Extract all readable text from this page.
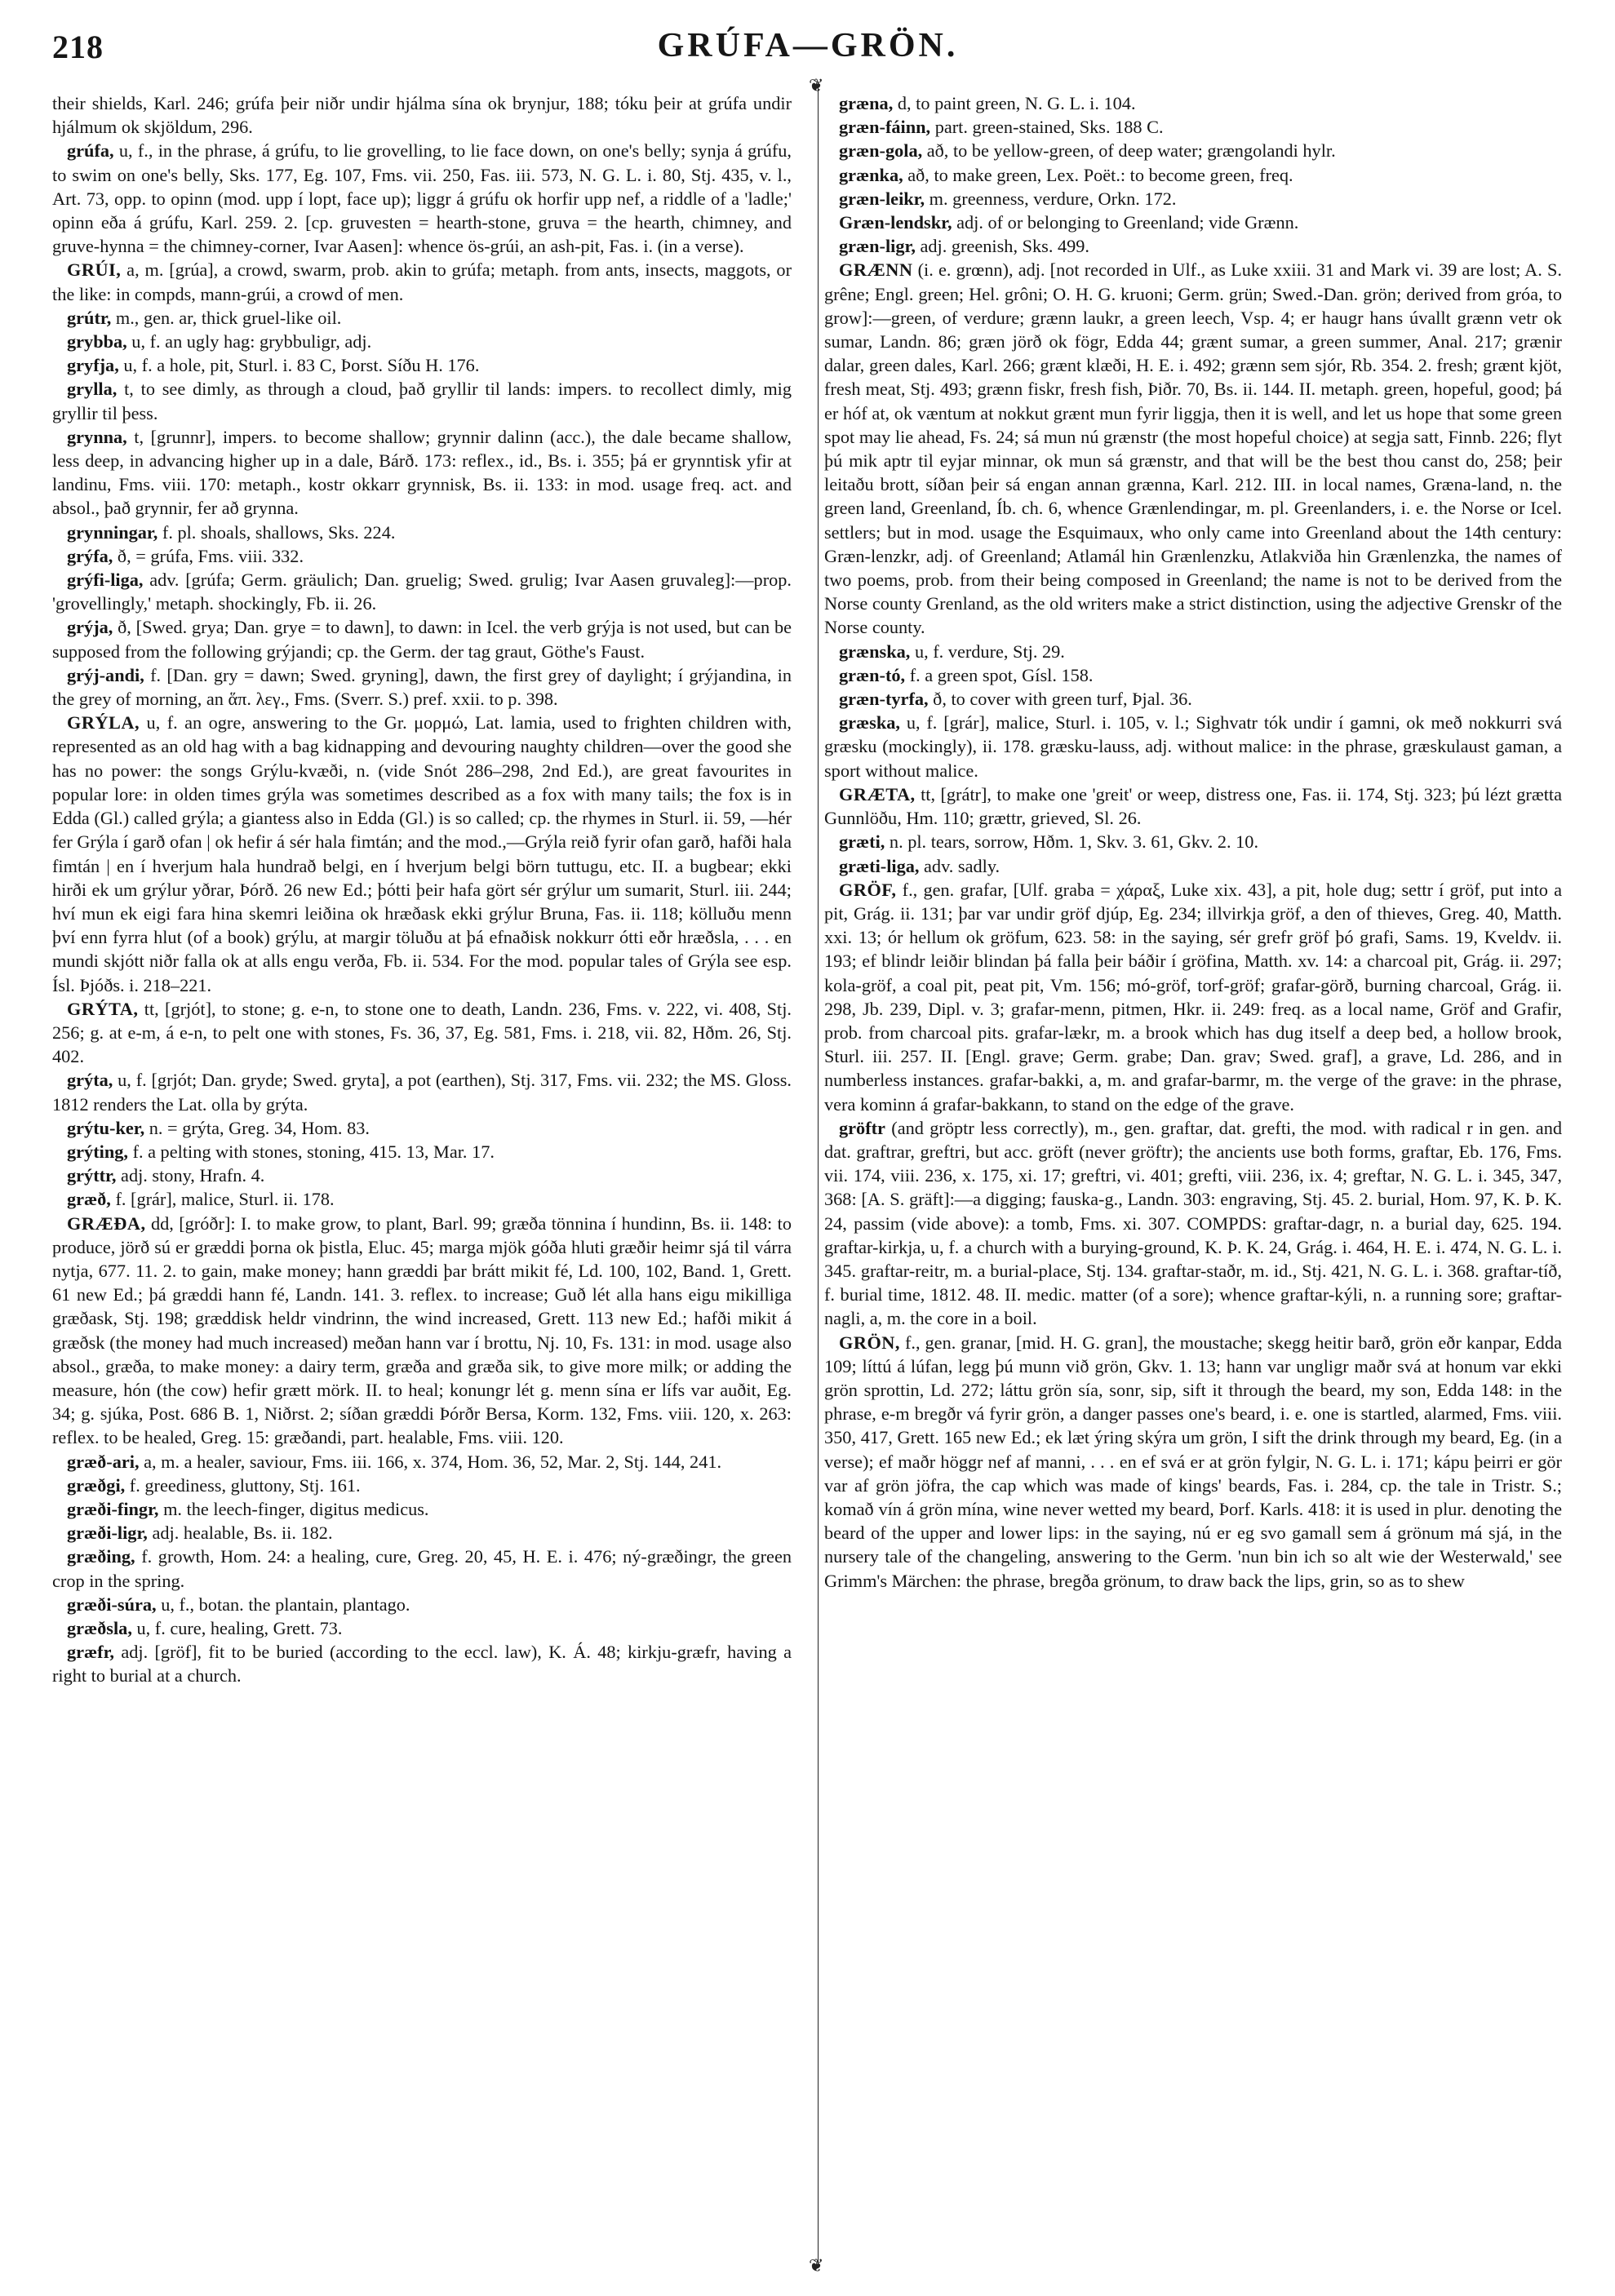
218	GRÚFA—GRÖN.
❦
❦

their shields, Karl. 246; grúfa þeir niðr undir hjálma sína ok brynjur, 188; tóku þeir at grúfa undir hjálmum ok skjöldum, 296.

grúfa, u, f., in the phrase, á grúfu, to lie grovelling, to lie face down, on one's belly; synja á grúfu, to swim on one's belly, Sks. 177, Eg. 107, Fms. vii. 250, Fas. iii. 573, N. G. L. i. 80, Stj. 435, v. l., Art. 73, opp. to opinn (mod. upp í lopt, face up); liggr á grúfu ok horfir upp nef, a riddle of a 'ladle;' opinn eða á grúfu, Karl. 259. 2. [cp. gruvesten = hearth-stone, gruva = the hearth, chimney, and gruve-hynna = the chimney-corner, Ivar Aasen]: whence ös-grúi, an ash-pit, Fas. i. (in a verse).

GRÚI, a, m. [grúa], a crowd, swarm, prob. akin to grúfa; metaph. from ants, insects, maggots, or the like: in compds, mann-grúi, a crowd of men.

grútr, m., gen. ar, thick gruel-like oil.

grybba, u, f. an ugly hag: grybbuligr, adj.

gryfja, u, f. a hole, pit, Sturl. i. 83 C, Þorst. Síðu H. 176.

grylla, t, to see dimly, as through a cloud, það gryllir til lands: impers. to recollect dimly, mig gryllir til þess.

grynna, t, [grunnr], impers. to become shallow; grynnir dalinn (acc.), the dale became shallow, less deep, in advancing higher up in a dale, Bárð. 173: reflex., id., Bs. i. 355; þá er grynntisk yfir at landinu, Fms. viii. 170: metaph., kostr okkarr grynnisk, Bs. ii. 133: in mod. usage freq. act. and absol., það grynnir, fer að grynna.

grynningar, f. pl. shoals, shallows, Sks. 224.

grýfa, ð, = grúfa, Fms. viii. 332.

grýfi-liga, adv. [grúfa; Germ. gräulich; Dan. gruelig; Swed. grulig; Ivar Aasen gruvaleg]:—prop. 'grovellingly,' metaph. shockingly, Fb. ii. 26.

grýja, ð, [Swed. grya; Dan. grye = to dawn], to dawn: in Icel. the verb grýja is not used, but can be supposed from the following grýjandi; cp. the Germ. der tag graut, Göthe's Faust.

grýj-andi, f. [Dan. gry = dawn; Swed. gryning], dawn, the first grey of daylight; í grýjandina, in the grey of morning, an ἅπ. λεγ., Fms. (Sverr. S.) pref. xxii. to p. 398.

GRÝLA, u, f. an ogre, answering to the Gr. μορμώ, Lat. lamia, used to frighten children with, represented as an old hag with a bag kidnapping and devouring naughty children—over the good she has no power: the songs Grýlu-kvæði, n. (vide Snót 286–298, 2nd Ed.), are great favourites in popular lore: in olden times grýla was sometimes described as a fox with many tails; the fox is in Edda (Gl.) called grýla; a giantess also in Edda (Gl.) is so called; cp. the rhymes in Sturl. ii. 59, —hér fer Grýla í garð ofan | ok hefir á sér hala fimtán; and the mod.,—Grýla reið fyrir ofan garð, hafði hala fimtán | en í hverjum hala hundrað belgi, en í hverjum belgi börn tuttugu, etc. II. a bugbear; ekki hirði ek um grýlur yðrar, Þórð. 26 new Ed.; þótti þeir hafa gört sér grýlur um sumarit, Sturl. iii. 244; hví mun ek eigi fara hina skemri leiðina ok hræðask ekki grýlur Bruna, Fas. ii. 118; kölluðu menn því enn fyrra hlut (of a book) grýlu, at margir töluðu at þá efnaðisk nokkurr ótti eðr hræðsla, . . . en mundi skjótt niðr falla ok at alls engu verða, Fb. ii. 534. For the mod. popular tales of Grýla see esp. Ísl. Þjóðs. i. 218–221.

GRÝTA, tt, [grjót], to stone; g. e-n, to stone one to death, Landn. 236, Fms. v. 222, vi. 408, Stj. 256; g. at e-m, á e-n, to pelt one with stones, Fs. 36, 37, Eg. 581, Fms. i. 218, vii. 82, Hðm. 26, Stj. 402.

grýta, u, f. [grjót; Dan. gryde; Swed. gryta], a pot (earthen), Stj. 317, Fms. vii. 232; the MS. Gloss. 1812 renders the Lat. olla by grýta.

grýtu-ker, n. = grýta, Greg. 34, Hom. 83.

grýting, f. a pelting with stones, stoning, 415. 13, Mar. 17.

grýttr, adj. stony, Hrafn. 4.

græð, f. [grár], malice, Sturl. ii. 178.

GRÆÐA, dd, [gróðr]: I. to make grow, to plant, Barl. 99; græða tönnina í hundinn, Bs. ii. 148: to produce, jörð sú er græddi þorna ok þistla, Eluc. 45; marga mjök góða hluti græðir heimr sjá til várra nytja, 677. 11. 2. to gain, make money; hann græddi þar brátt mikit fé, Ld. 100, 102, Band. 1, Grett. 61 new Ed.; þá græddi hann fé, Landn. 141. 3. reflex. to increase; Guð lét alla hans eigu mikilliga græðask, Stj. 198; græddisk heldr vindrinn, the wind increased, Grett. 113 new Ed.; hafði mikit á græðsk (the money had much increased) meðan hann var í brottu, Nj. 10, Fs. 131: in mod. usage also absol., græða, to make money: a dairy term, græða and græða sik, to give more milk; or adding the measure, hón (the cow) hefir grætt mörk. II. to heal; konungr lét g. menn sína er lífs var auðit, Eg. 34; g. sjúka, Post. 686 B. 1, Niðrst. 2; síðan græddi Þórðr Bersa, Korm. 132, Fms. viii. 120, x. 263: reflex. to be healed, Greg. 15: græðandi, part. healable, Fms. viii. 120.

græð-ari, a, m. a healer, saviour, Fms. iii. 166, x. 374, Hom. 36, 52, Mar. 2, Stj. 144, 241.

græðgi, f. greediness, gluttony, Stj. 161.

græði-fingr, m. the leech-finger, digitus medicus.

græði-ligr, adj. healable, Bs. ii. 182.

græðing, f. growth, Hom. 24: a healing, cure, Greg. 20, 45, H. E. i. 476; ný-græðingr, the green crop in the spring.

græði-súra, u, f., botan. the plantain, plantago.

græðsla, u, f. cure, healing, Grett. 73.

græfr, adj. [gröf], fit to be buried (according to the eccl. law), K. Á. 48; kirkju-græfr, having a right to burial at a church.

græna, d, to paint green, N. G. L. i. 104.

græn-fáinn, part. green-stained, Sks. 188 C.

græn-gola, að, to be yellow-green, of deep water; grængolandi hylr.

grænka, að, to make green, Lex. Poët.: to become green, freq.

græn-leikr, m. greenness, verdure, Orkn. 172.

Græn-lendskr, adj. of or belonging to Greenland; vide Grænn.

græn-ligr, adj. greenish, Sks. 499.

GRÆNN (i. e. grœnn), adj. [not recorded in Ulf., as Luke xxiii. 31 and Mark vi. 39 are lost; A. S. grêne; Engl. green; Hel. grôni; O. H. G. kruoni; Germ. grün; Swed.-Dan. grön; derived from gróa, to grow]:—green, of verdure; grænn laukr, a green leech, Vsp. 4; er haugr hans úvallt grænn vetr ok sumar, Landn. 86; græn jörð ok fögr, Edda 44; grænt sumar, a green summer, Anal. 217; grænir dalar, green dales, Karl. 266; grænt klæði, H. E. i. 492; grænn sem sjór, Rb. 354. 2. fresh; grænt kjöt, fresh meat, Stj. 493; grænn fiskr, fresh fish, Þiðr. 70, Bs. ii. 144. II. metaph. green, hopeful, good; þá er hóf at, ok væntum at nokkut grænt mun fyrir liggja, then it is well, and let us hope that some green spot may lie ahead, Fs. 24; sá mun nú grænstr (the most hopeful choice) at segja satt, Finnb. 226; flyt þú mik aptr til eyjar minnar, ok mun sá grænstr, and that will be the best thou canst do, 258; þeir leitaðu brott, síðan þeir sá engan annan grænna, Karl. 212. III. in local names, Græna-land, n. the green land, Greenland, Íb. ch. 6, whence Grænlendingar, m. pl. Greenlanders, i. e. the Norse or Icel. settlers; but in mod. usage the Esquimaux, who only came into Greenland about the 14th century: Græn-lenzkr, adj. of Greenland; Atlamál hin Grænlenzku, Atlakviða hin Grænlenzka, the names of two poems, prob. from their being composed in Greenland; the name is not to be derived from the Norse county Grenland, as the old writers make a strict distinction, using the adjective Grenskr of the Norse county.

grænska, u, f. verdure, Stj. 29.

græn-tó, f. a green spot, Gísl. 158.

græn-tyrfa, ð, to cover with green turf, Þjal. 36.

græska, u, f. [grár], malice, Sturl. i. 105, v. l.; Sighvatr tók undir í gamni, ok með nokkurri svá græsku (mockingly), ii. 178. græsku-lauss, adj. without malice: in the phrase, græskulaust gaman, a sport without malice.

GRÆTA, tt, [grátr], to make one 'greit' or weep, distress one, Fas. ii. 174, Stj. 323; þú lézt grætta Gunnlöðu, Hm. 110; grættr, grieved, Sl. 26.

græti, n. pl. tears, sorrow, Hðm. 1, Skv. 3. 61, Gkv. 2. 10.

græti-liga, adv. sadly.

GRÖF, f., gen. grafar, [Ulf. graba = χάραξ, Luke xix. 43], a pit, hole dug; settr í gröf, put into a pit, Grág. ii. 131; þar var undir gröf djúp, Eg. 234; illvirkja gröf, a den of thieves, Greg. 40, Matth. xxi. 13; ór hellum ok gröfum, 623. 58: in the saying, sér grefr gröf þó grafi, Sams. 19, Kveldv. ii. 193; ef blindr leiðir blindan þá falla þeir báðir í gröfina, Matth. xv. 14: a charcoal pit, Grág. ii. 297; kola-gröf, a coal pit, peat pit, Vm. 156; mó-gröf, torf-gröf; grafar-görð, burning charcoal, Grág. ii. 298, Jb. 239, Dipl. v. 3; grafar-menn, pitmen, Hkr. ii. 249: freq. as a local name, Gröf and Grafir, prob. from charcoal pits. grafar-lækr, m. a brook which has dug itself a deep bed, a hollow brook, Sturl. iii. 257. II. [Engl. grave; Germ. grabe; Dan. grav; Swed. graf], a grave, Ld. 286, and in numberless instances. grafar-bakki, a, m. and grafar-barmr, m. the verge of the grave: in the phrase, vera kominn á grafar-bakkann, to stand on the edge of the grave.

gröftr (and gröptr less correctly), m., gen. graftar, dat. grefti, the mod. with radical r in gen. and dat. graftrar, greftri, but acc. gröft (never gröftr); the ancients use both forms, graftar, Eb. 176, Fms. vii. 174, viii. 236, x. 175, xi. 17; greftri, vi. 401; grefti, viii. 236, ix. 4; greftar, N. G. L. i. 345, 347, 368: [A. S. gräft]:—a digging; fauska-g., Landn. 303: engraving, Stj. 45. 2. burial, Hom. 97, K. Þ. K. 24, passim (vide above): a tomb, Fms. xi. 307. COMPDS: graftar-dagr, n. a burial day, 625. 194. graftar-kirkja, u, f. a church with a burying-ground, K. Þ. K. 24, Grág. i. 464, H. E. i. 474, N. G. L. i. 345. graftar-reitr, m. a burial-place, Stj. 134. graftar-staðr, m. id., Stj. 421, N. G. L. i. 368. graftar-tíð, f. burial time, 1812. 48. II. medic. matter (of a sore); whence graftar-kýli, n. a running sore; graftar-nagli, a, m. the core in a boil.

GRÖN, f., gen. granar, [mid. H. G. gran], the moustache; skegg heitir barð, grön eðr kanpar, Edda 109; líttú á lúfan, legg þú munn við grön, Gkv. 1. 13; hann var ungligr maðr svá at honum var ekki grön sprottin, Ld. 272; láttu grön sía, sonr, sip, sift it through the beard, my son, Edda 148: in the phrase, e-m bregðr vá fyrir grön, a danger passes one's beard, i. e. one is startled, alarmed, Fms. viii. 350, 417, Grett. 165 new Ed.; ek læt ýring skýra um grön, I sift the drink through my beard, Eg. (in a verse); ef maðr höggr nef af manni, . . . en ef svá er at grön fylgir, N. G. L. i. 171; kápu þeirri er gör var af grön jöfra, the cap which was made of kings' beards, Fas. i. 284, cp. the tale in Tristr. S.; komað vín á grön mína, wine never wetted my beard, Þorf. Karls. 418: it is used in plur. denoting the beard of the upper and lower lips: in the saying, nú er eg svo gamall sem á grönum má sjá, in the nursery tale of the changeling, answering to the Germ. 'nun bin ich so alt wie der Westerwald,' see Grimm's Märchen: the phrase, bregða grönum, to draw back the lips, grin, so as to shew
